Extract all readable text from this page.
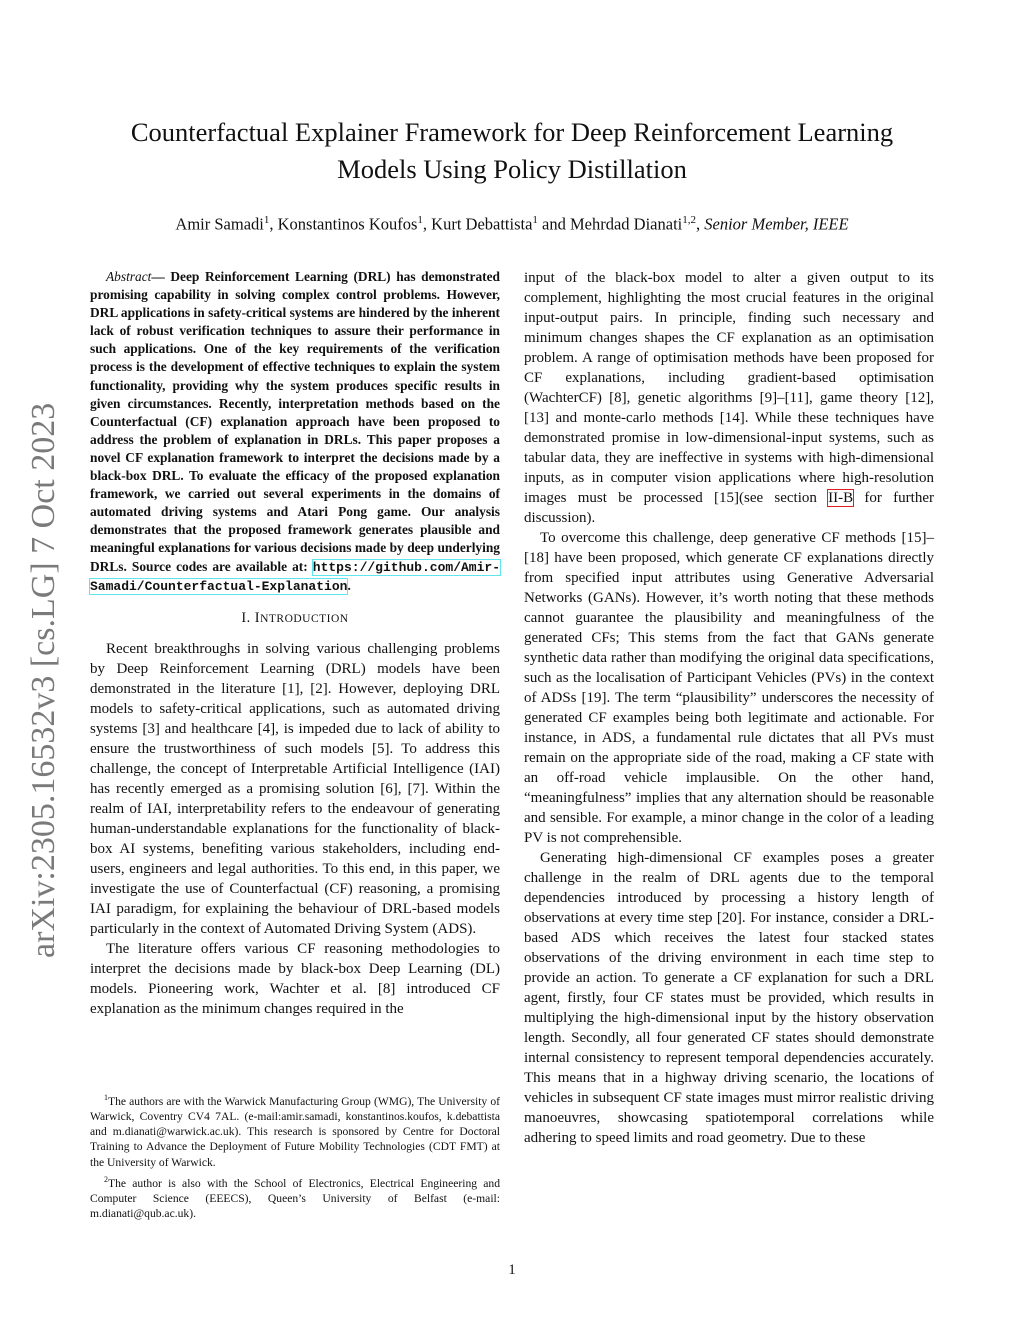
arXiv:2305.16532v3 [cs.LG] 7 Oct 2023
Counterfactual Explainer Framework for Deep Reinforcement Learning Models Using Policy Distillation
Amir Samadi$^1$, Konstantinos Koufos$^1$, Kurt Debattista$^1$ and Mehrdad Dianati$^{1,2}$, Senior Member, IEEE

Abstract— Deep Reinforcement Learning (DRL) has demonstrated promising capability in solving complex control problems. However, DRL applications in safety-critical systems are hindered by the inherent lack of robust verification techniques to assure their performance in such applications. One of the key requirements of the verification process is the development of effective techniques to explain the system functionality, providing why the system produces specific results in given circumstances. Recently, interpretation methods based on the Counterfactual (CF) explanation approach have been proposed to address the problem of explanation in DRLs. This paper proposes a novel CF explanation framework to interpret the decisions made by a black-box DRL. To evaluate the efficacy of the proposed explanation framework, we carried out several experiments in the domains of automated driving systems and Atari Pong game. Our analysis demonstrates that the proposed framework generates plausible and meaningful explanations for various decisions made by deep underlying DRLs. Source codes are available at: https://github.com/Amir-Samadi/Counterfactual-Explanation.

I. INTRODUCTION

Recent breakthroughs in solving various challenging problems by Deep Reinforcement Learning (DRL) models have been demonstrated in the literature [1], [2]. However, deploying DRL models to safety-critical applications, such as automated driving systems [3] and healthcare [4], is impeded due to lack of ability to ensure the trustworthiness of such models [5]. To address this challenge, the concept of Interpretable Artificial Intelligence (IAI) has recently emerged as a promising solution [6], [7]. Within the realm of IAI, interpretability refers to the endeavour of generating human-understandable explanations for the functionality of black-box AI systems, benefiting various stakeholders, including end-users, engineers and legal authorities. To this end, in this paper, we investigate the use of Counterfactual (CF) reasoning, a promising IAI paradigm, for explaining the behaviour of DRL-based models particularly in the context of Automated Driving System (ADS).

The literature offers various CF reasoning methodologies to interpret the decisions made by black-box Deep Learning (DL) models. Pioneering work, Wachter et al. [8] introduced CF explanation as the minimum changes required in the

input of the black-box model to alter a given output to its complement, highlighting the most crucial features in the original input-output pairs. In principle, finding such necessary and minimum changes shapes the CF explanation as an optimisation problem. A range of optimisation methods have been proposed for CF explanations, including gradient-based optimisation (WachterCF) [8], genetic algorithms [9]–[11], game theory [12], [13] and monte-carlo methods [14]. While these techniques have demonstrated promise in low-dimensional-input systems, such as tabular data, they are ineffective in systems with high-dimensional inputs, as in computer vision applications where high-resolution images must be processed [15](see section II-B for further discussion).

To overcome this challenge, deep generative CF methods [15]–[18] have been proposed, which generate CF explanations directly from specified input attributes using Generative Adversarial Networks (GANs). However, it’s worth noting that these methods cannot guarantee the plausibility and meaningfulness of the generated CFs; This stems from the fact that GANs generate synthetic data rather than modifying the original data specifications, such as the localisation of Participant Vehicles (PVs) in the context of ADSs [19]. The term “plausibility” underscores the necessity of generated CF examples being both legitimate and actionable. For instance, in ADS, a fundamental rule dictates that all PVs must remain on the appropriate side of the road, making a CF state with an off-road vehicle implausible. On the other hand, “meaningfulness” implies that any alternation should be reasonable and sensible. For example, a minor change in the color of a leading PV is not comprehensible.

Generating high-dimensional CF examples poses a greater challenge in the realm of DRL agents due to the temporal dependencies introduced by processing a history length of observations at every time step [20]. For instance, consider a DRL-based ADS which receives the latest four stacked states observations of the driving environment in each time step to provide an action. To generate a CF explanation for such a DRL agent, firstly, four CF states must be provided, which results in multiplying the high-dimensional input by the history observation length. Secondly, all four generated CF states should demonstrate internal consistency to represent temporal dependencies accurately. This means that in a highway driving scenario, the locations of vehicles in subsequent CF state images must mirror realistic driving manoeuvres, showcasing spatiotemporal correlations while adhering to speed limits and road geometry. Due to these

$^1$The authors are with the Warwick Manufacturing Group (WMG), The University of Warwick, Coventry CV4 7AL. (e-mail:amir.samadi, konstantinos.koufos, k.debattista and m.dianati@warwick.ac.uk). This research is sponsored by Centre for Doctoral Training to Advance the Deployment of Future Mobility Technologies (CDT FMT) at the University of Warwick.

$^2$The author is also with the School of Electronics, Electrical Engineering and Computer Science (EEECS), Queen’s University of Belfast (e-mail: m.dianati@qub.ac.uk).

1
